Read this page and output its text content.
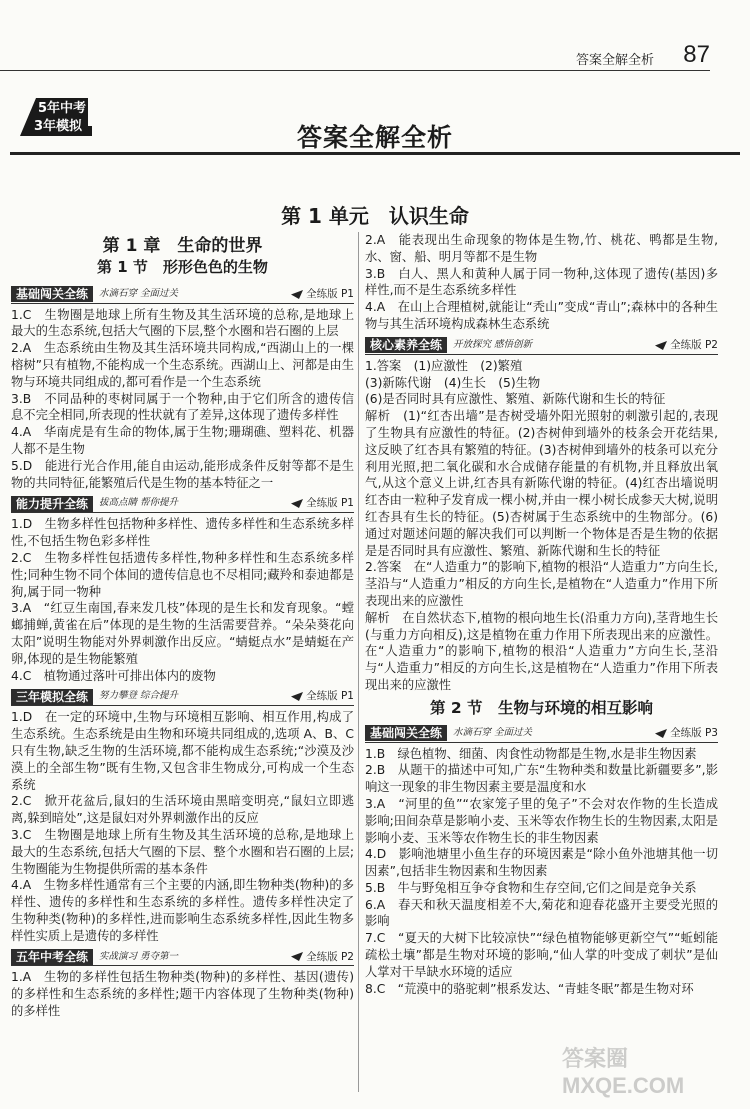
答案全解全析 87
5年中考
3年模拟	答案全解全析
第 1 单元　认识生命
第 1 章　生命的世界
第 1 节　形形色色的生物
基础闯关全练	水滴石穿 全面过关	全练版 P1

1.C　生物圈是地球上所有生物及其生活环境的总称,是地球上最大的生态系统,包括大气圈的下层,整个水圈和岩石圈的上层

2.A　生态系统由生物及其生活环境共同构成,“西湖山上的一棵榕树”只有植物,不能构成一个生态系统。西湖山上、河都是由生物与环境共同组成的,都可看作是一个生态系统

3.B　不同品种的枣树同属于一个物种,由于它们所含的遗传信息不完全相同,所表现的性状就有了差异,这体现了遗传多样性

4.A　华南虎是有生命的物体,属于生物;珊瑚礁、塑料花、机器人都不是生物

5.D　能进行光合作用,能自由运动,能形成条件反射等都不是生物的共同特征,能繁殖后代是生物的基本特征之一

能力提升全练	拔高点睛 帮你提升	全练版 P1

1.D　生物多样性包括物种多样性、遗传多样性和生态系统多样性,不包括生物色彩多样性

2.C　生物多样性包括遗传多样性,物种多样性和生态系统多样性;同种生物不同个体间的遗传信息也不尽相同;藏羚和泰迪都是狗,属于同一物种

3.A　“红豆生南国,春来发几枝”体现的是生长和发育现象。“螳螂捕蝉,黄雀在后”体现的是生物的生活需要营养。“朵朵葵花向太阳”说明生物能对外界刺激作出反应。“蜻蜓点水”是蜻蜓在产卵,体现的是生物能繁殖

4.C　植物通过落叶可排出体内的废物

三年模拟全练	努力攀登 综合提升	全练版 P1

1.D　在一定的环境中,生物与环境相互影响、相互作用,构成了生态系统。生态系统是由生物和环境共同组成的,选项 A、B、C 只有生物,缺乏生物的生活环境,都不能构成生态系统;“沙漠及沙漠上的全部生物”既有生物,又包含非生物成分,可构成一个生态系统

2.C　掀开花盆后,鼠妇的生活环境由黑暗变明亮,“鼠妇立即逃离,躲到暗处”,这是鼠妇对外界刺激作出的反应

3.C　生物圈是地球上所有生物及其生活环境的总称,是地球上最大的生态系统,包括大气圈的下层、整个水圈和岩石圈的上层;生物圈能为生物提供所需的基本条件

4.A　生物多样性通常有三个主要的内涵,即生物种类(物种)的多样性、遗传的多样性和生态系统的多样性。遗传多样性决定了生物种类(物种)的多样性,进而影响生态系统多样性,因此生物多样性实质上是遗传的多样性

五年中考全练	实战演习 勇夺第一	全练版 P2

1.A　生物的多样性包括生物种类(物种)的多样性、基因(遗传)的多样性和生态系统的多样性;题干内容体现了生物种类(物种)的多样性

2.A　能表现出生命现象的物体是生物,竹、桃花、鸭都是生物,水、窗、船、明月等都不是生物

3.B　白人、黑人和黄种人属于同一物种,这体现了遗传(基因)多样性,而不是生态系统多样性

4.A　在山上合理植树,就能让“秃山”变成“青山”;森林中的各种生物与其生活环境构成森林生态系统

核心素养全练	开放探究 感悟创新	全练版 P2

1.答案　(1)应激性　(2)繁殖

(3)新陈代谢　(4)生长　(5)生物

(6)是否同时具有应激性、繁殖、新陈代谢和生长的特征

解析　(1)“红杏出墙”是杏树受墙外阳光照射的刺激引起的,表现了生物具有应激性的特征。(2)杏树伸到墙外的枝条会开花结果,这反映了红杏具有繁殖的特征。(3)杏树伸到墙外的枝条可以充分利用光照,把二氧化碳和水合成储存能量的有机物,并且释放出氧气,从这个意义上讲,红杏具有新陈代谢的特征。(4)红杏出墙说明红杏由一粒种子发育成一棵小树,并由一棵小树长成参天大树,说明红杏具有生长的特征。(5)杏树属于生态系统中的生物部分。(6)通过对题述问题的解决我们可以判断一个物体是否是生物的依据是是否同时具有应激性、繁殖、新陈代谢和生长的特征

2.答案　在“人造重力”的影响下,植物的根沿“人造重力”方向生长,茎沿与“人造重力”相反的方向生长,是植物在“人造重力”作用下所表现出来的应激性

解析　在自然状态下,植物的根向地生长(沿重力方向),茎背地生长(与重力方向相反),这是植物在重力作用下所表现出来的应激性。在“人造重力”的影响下,植物的根沿“人造重力”方向生长,茎沿与“人造重力”相反的方向生长,这是植物在“人造重力”作用下所表现出来的应激性

第 2 节　生物与环境的相互影响
基础闯关全练	水滴石穿 全面过关	全练版 P3

1.B　绿色植物、细菌、肉食性动物都是生物,水是非生物因素

2.B　从题干的描述中可知,广东“生物种类和数量比新疆要多”,影响这一现象的非生物因素主要是温度和水

3.A　“河里的鱼”“农家笼子里的兔子”不会对农作物的生长造成影响;田间杂草是影响小麦、玉米等农作物生长的生物因素,太阳是影响小麦、玉米等农作物生长的非生物因素

4.D　影响池塘里小鱼生存的环境因素是“除小鱼外池塘其他一切因素”,包括非生物因素和生物因素

5.B　牛与野兔相互争夺食物和生存空间,它们之间是竞争关系

6.A　春天和秋天温度相差不大,菊花和迎春花盛开主要受光照的影响

7.C　“夏天的大树下比较凉快”“绿色植物能够更新空气”“蚯蚓能疏松土壤”都是生物对环境的影响,“仙人掌的叶变成了刺状”是仙人掌对干旱缺水环境的适应

8.C　“荒漠中的骆驼刺”根系发达、“青蛙冬眠”都是生物对环

答案圈 MXQE.COM
